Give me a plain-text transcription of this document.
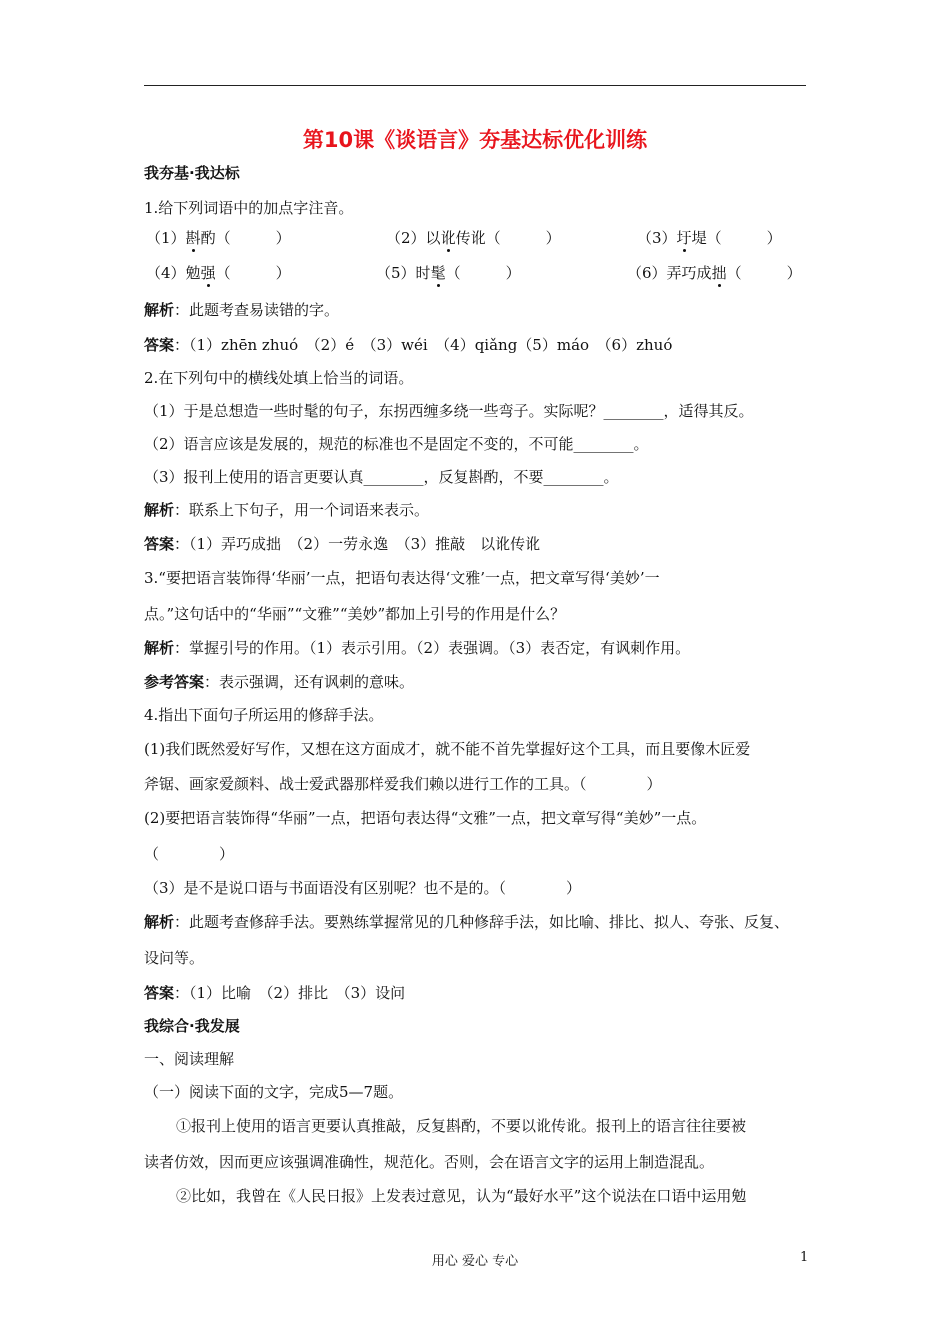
第10课《谈语言》夯基达标优化训练
我夯基·我达标
1.给下列词语中的加点字注音。
（1）斟酌（　　　）	（2）以讹传讹（　　　）	（3）圩堤（　　　）
（4）勉强（　　　）	（5）时髦（　　　）	（6）弄巧成拙（　　　）
解析：此题考查易读错的字。
答案：（1）zhēn zhuó　（2）é　（3）wéi　（4）qiǎng（5）máo　（6）zhuó
2.在下列句中的横线处填上恰当的词语。
（1）于是总想造一些时髦的句子，东拐西缠多绕一些弯子。实际呢？________，适得其反。
（2）语言应该是发展的，规范的标准也不是固定不变的，不可能________。
（3）报刊上使用的语言更要认真________，反复斟酌，不要________。
解析：联系上下句子，用一个词语来表示。
答案：（1）弄巧成拙　（2）一劳永逸　（3）推敲　以讹传讹
3.“要把语言装饰得‘华丽’一点，把语句表达得‘文雅’一点，把文章写得‘美妙’一
点。”这句话中的“华丽”“文雅”“美妙”都加上引号的作用是什么？
解析：掌握引号的作用。（1）表示引用。（2）表强调。（3）表否定，有讽刺作用。
参考答案：表示强调，还有讽刺的意味。
4.指出下面句子所运用的修辞手法。
(1)我们既然爱好写作，又想在这方面成才，就不能不首先掌握好这个工具，而且要像木匠爱
斧锯、画家爱颜料、战士爱武器那样爱我们赖以进行工作的工具。（　　　　）
(2)要把语言装饰得“华丽”一点，把语句表达得“文雅”一点，把文章写得“美妙”一点。
（　　　　）
（3）是不是说口语与书面语没有区别呢？也不是的。（　　　　）
解析：此题考查修辞手法。要熟练掌握常见的几种修辞手法，如比喻、排比、拟人、夸张、反复、
设问等。
答案：（1）比喻　（2）排比　（3）设问
我综合·我发展
一、阅读理解
（一）阅读下面的文字，完成5—7题。
①报刊上使用的语言更要认真推敲，反复斟酌，不要以讹传讹。报刊上的语言往往要被
读者仿效，因而更应该强调准确性，规范化。否则，会在语言文字的运用上制造混乱。
②比如，我曾在《人民日报》上发表过意见，认为“最好水平”这个说法在口语中运用勉
用心 爱心 专心	1
